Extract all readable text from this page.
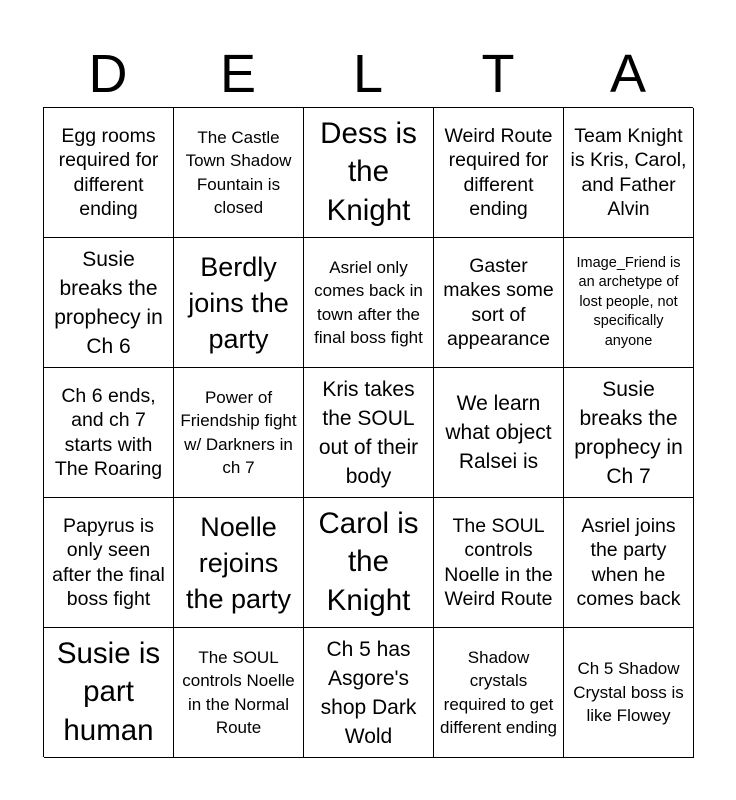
D	E	L	T	A
Egg rooms required for different ending
The Castle Town Shadow Fountain is closed
Dess is the Knight
Weird Route required for different ending
Team Knight is Kris, Carol, and Father Alvin
Susie breaks the prophecy in Ch 6
Berdly joins the party
Asriel only comes back in town after the final boss fight
Gaster makes some sort of appearance
Image_Friend is an archetype of lost people, not specifically anyone
Ch 6 ends, and ch 7 starts with The Roaring
Power of Friendship fight w/ Darkners in ch 7
Kris takes the SOUL out of their body
We learn what object Ralsei is
Susie breaks the prophecy in Ch 7
Papyrus is only seen after the final boss fight
Noelle rejoins the party
Carol is the Knight
The SOUL controls Noelle in the Weird Route
Asriel joins the party when he comes back
Susie is part human
The SOUL controls Noelle in the Normal Route
Ch 5 has Asgore's shop Dark Wold
Shadow crystals required to get different ending
Ch 5 Shadow Crystal boss is like Flowey
